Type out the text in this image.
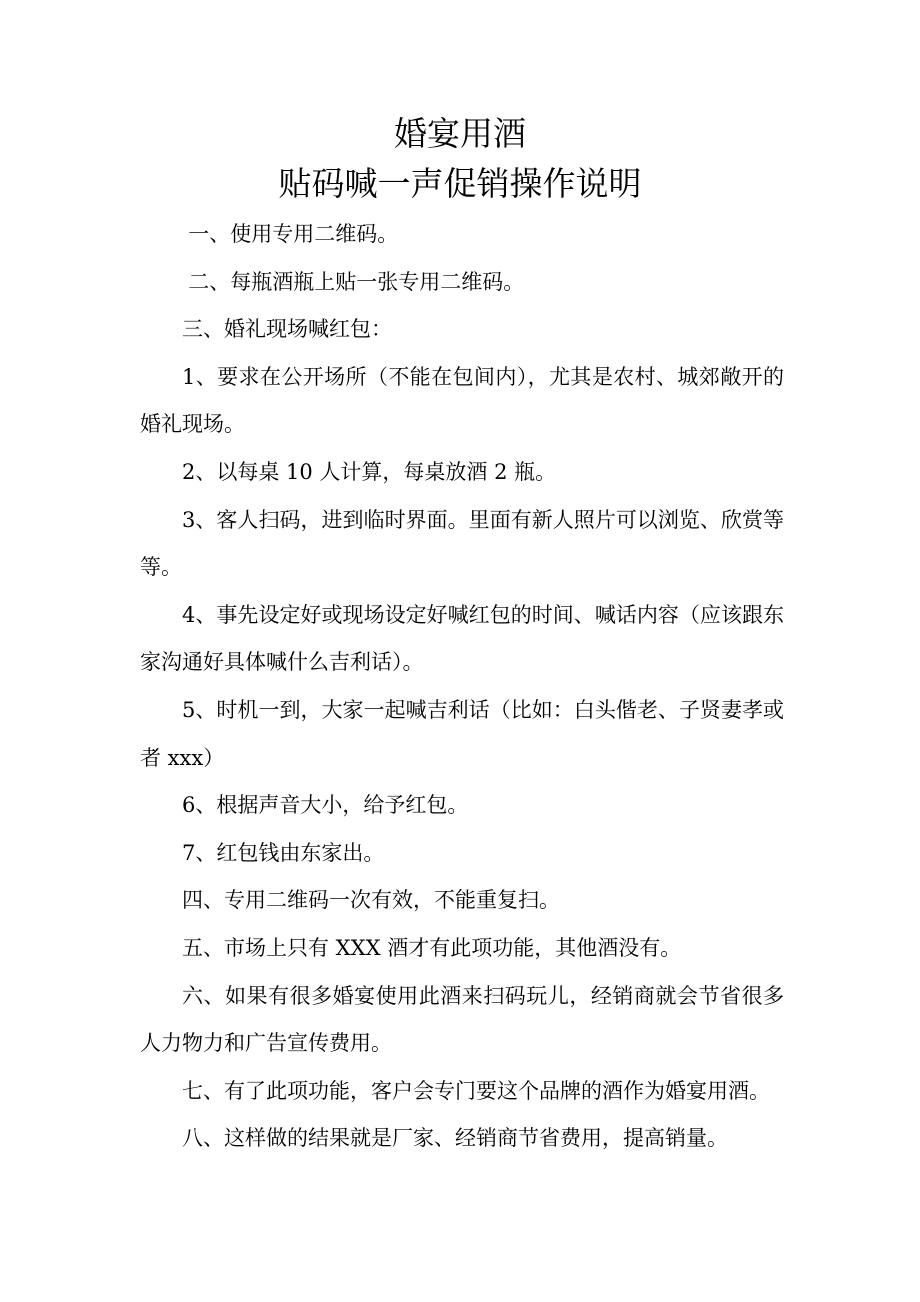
婚宴用酒
贴码喊一声促销操作说明

一、使用专用二维码。

二、每瓶酒瓶上贴一张专用二维码。

三、婚礼现场喊红包：

1、要求在公开场所（不能在包间内），尤其是农村、城郊敞开的婚礼现场。

2、以每桌 10 人计算，每桌放酒 2 瓶。

3、客人扫码，进到临时界面。里面有新人照片可以浏览、欣赏等等。

4、事先设定好或现场设定好喊红包的时间、喊话内容（应该跟东家沟通好具体喊什么吉利话）。

5、时机一到，大家一起喊吉利话（比如：白头偕老、子贤妻孝或者 xxx）

6、根据声音大小，给予红包。

7、红包钱由东家出。

四、专用二维码一次有效，不能重复扫。

五、市场上只有 XXX 酒才有此项功能，其他酒没有。

六、如果有很多婚宴使用此酒来扫码玩儿，经销商就会节省很多人力物力和广告宣传费用。

七、有了此项功能，客户会专门要这个品牌的酒作为婚宴用酒。

八、这样做的结果就是厂家、经销商节省费用，提高销量。
